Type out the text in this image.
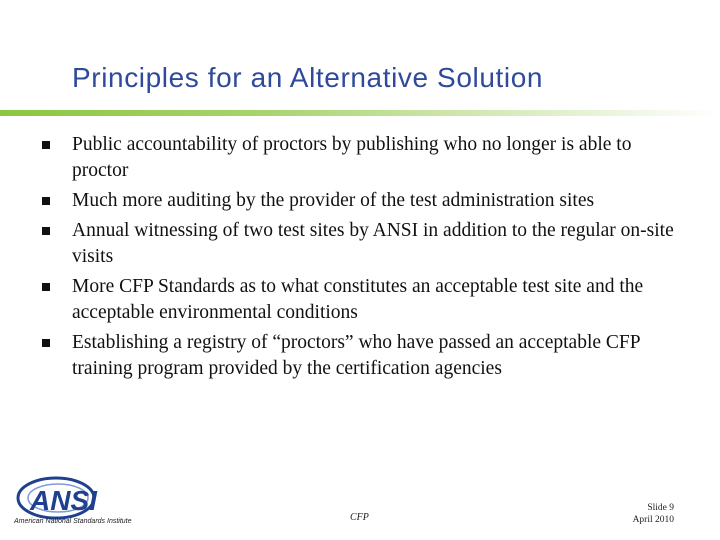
Principles for an Alternative Solution
Public accountability of proctors by publishing who no longer is able to proctor
Much more auditing by the provider of the test administration sites
Annual witnessing of two test sites by ANSI in addition to the regular on-site visits
More CFP Standards as to what constitutes an acceptable test site and the acceptable environmental conditions
Establishing a registry of “proctors” who have passed an acceptable CFP training program provided by the certification agencies
ANSI
American National Standards Institute	CFP
Slide 9
April 2010
